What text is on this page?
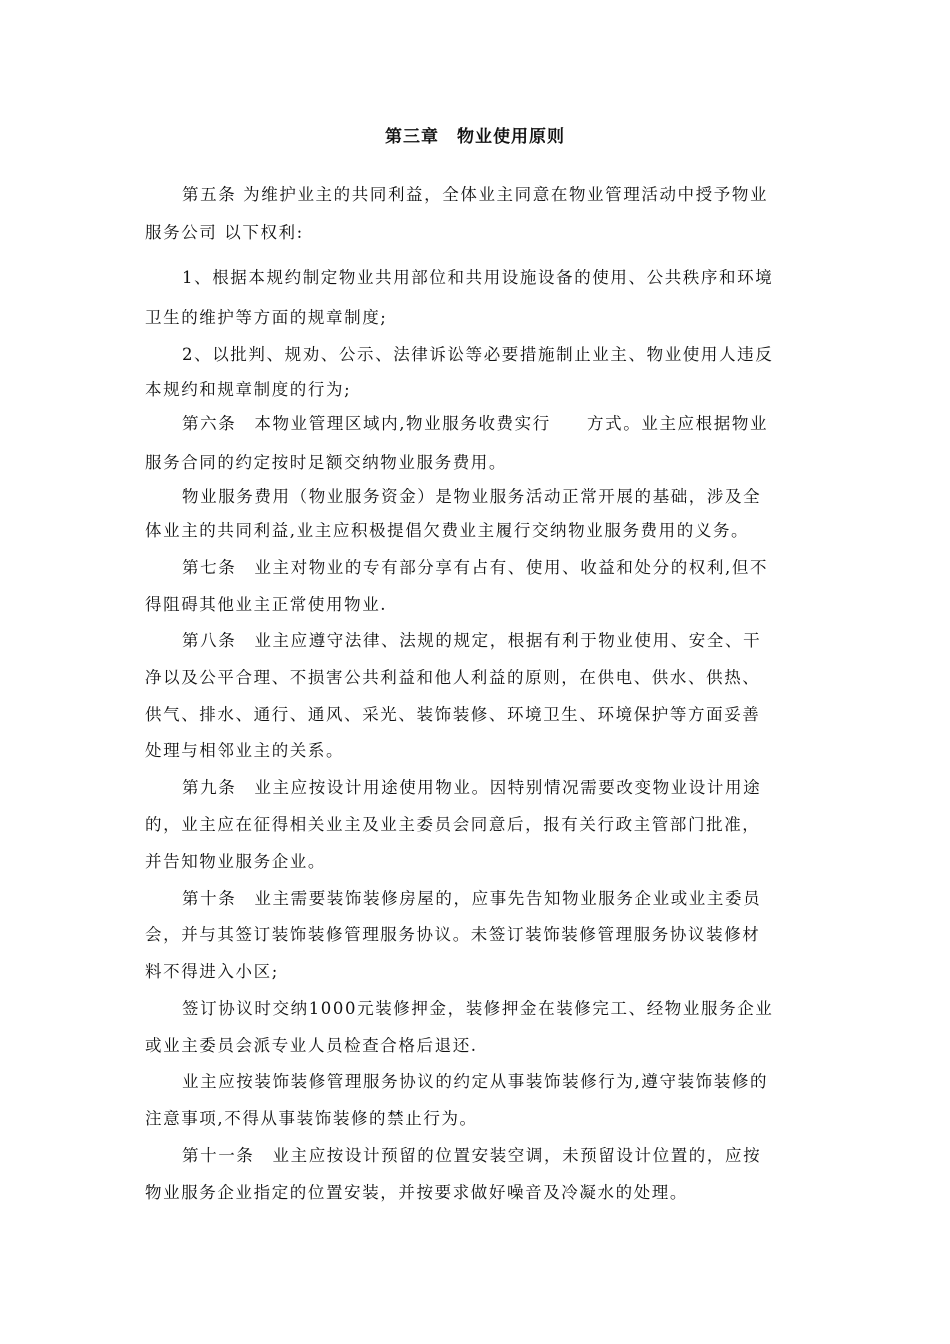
第三章　物业使用原则
第五条 为维护业主的共同利益，全体业主同意在物业管理活动中授予物业
服务公司 以下权利:
1、根据本规约制定物业共用部位和共用设施设备的使用、公共秩序和环境
卫生的维护等方面的规章制度;
2、以批判、规劝、公示、法律诉讼等必要措施制止业主、物业使用人违反
本规约和规章制度的行为;
第六条　本物业管理区域内,物业服务收费实行　　方式。业主应根据物业
服务合同的约定按时足额交纳物业服务费用。
物业服务费用（物业服务资金）是物业服务活动正常开展的基础，涉及全
体业主的共同利益,业主应积极提倡欠费业主履行交纳物业服务费用的义务。
第七条　业主对物业的专有部分享有占有、使用、收益和处分的权利,但不
得阻碍其他业主正常使用物业.
第八条　业主应遵守法律、法规的规定，根据有利于物业使用、安全、干
净以及公平合理、不损害公共利益和他人利益的原则，在供电、供水、供热、
供气、排水、通行、通风、采光、装饰装修、环境卫生、环境保护等方面妥善
处理与相邻业主的关系。
第九条　业主应按设计用途使用物业。因特别情况需要改变物业设计用途
的，业主应在征得相关业主及业主委员会同意后，报有关行政主管部门批准，
并告知物业服务企业。
第十条　业主需要装饰装修房屋的，应事先告知物业服务企业或业主委员
会，并与其签订装饰装修管理服务协议。未签订装饰装修管理服务协议装修材
料不得进入小区;
签订协议时交纳1000元装修押金，装修押金在装修完工、经物业服务企业
或业主委员会派专业人员检查合格后退还.
业主应按装饰装修管理服务协议的约定从事装饰装修行为,遵守装饰装修的
注意事项,不得从事装饰装修的禁止行为。
第十一条　业主应按设计预留的位置安装空调，未预留设计位置的，应按
物业服务企业指定的位置安装，并按要求做好噪音及冷凝水的处理。
